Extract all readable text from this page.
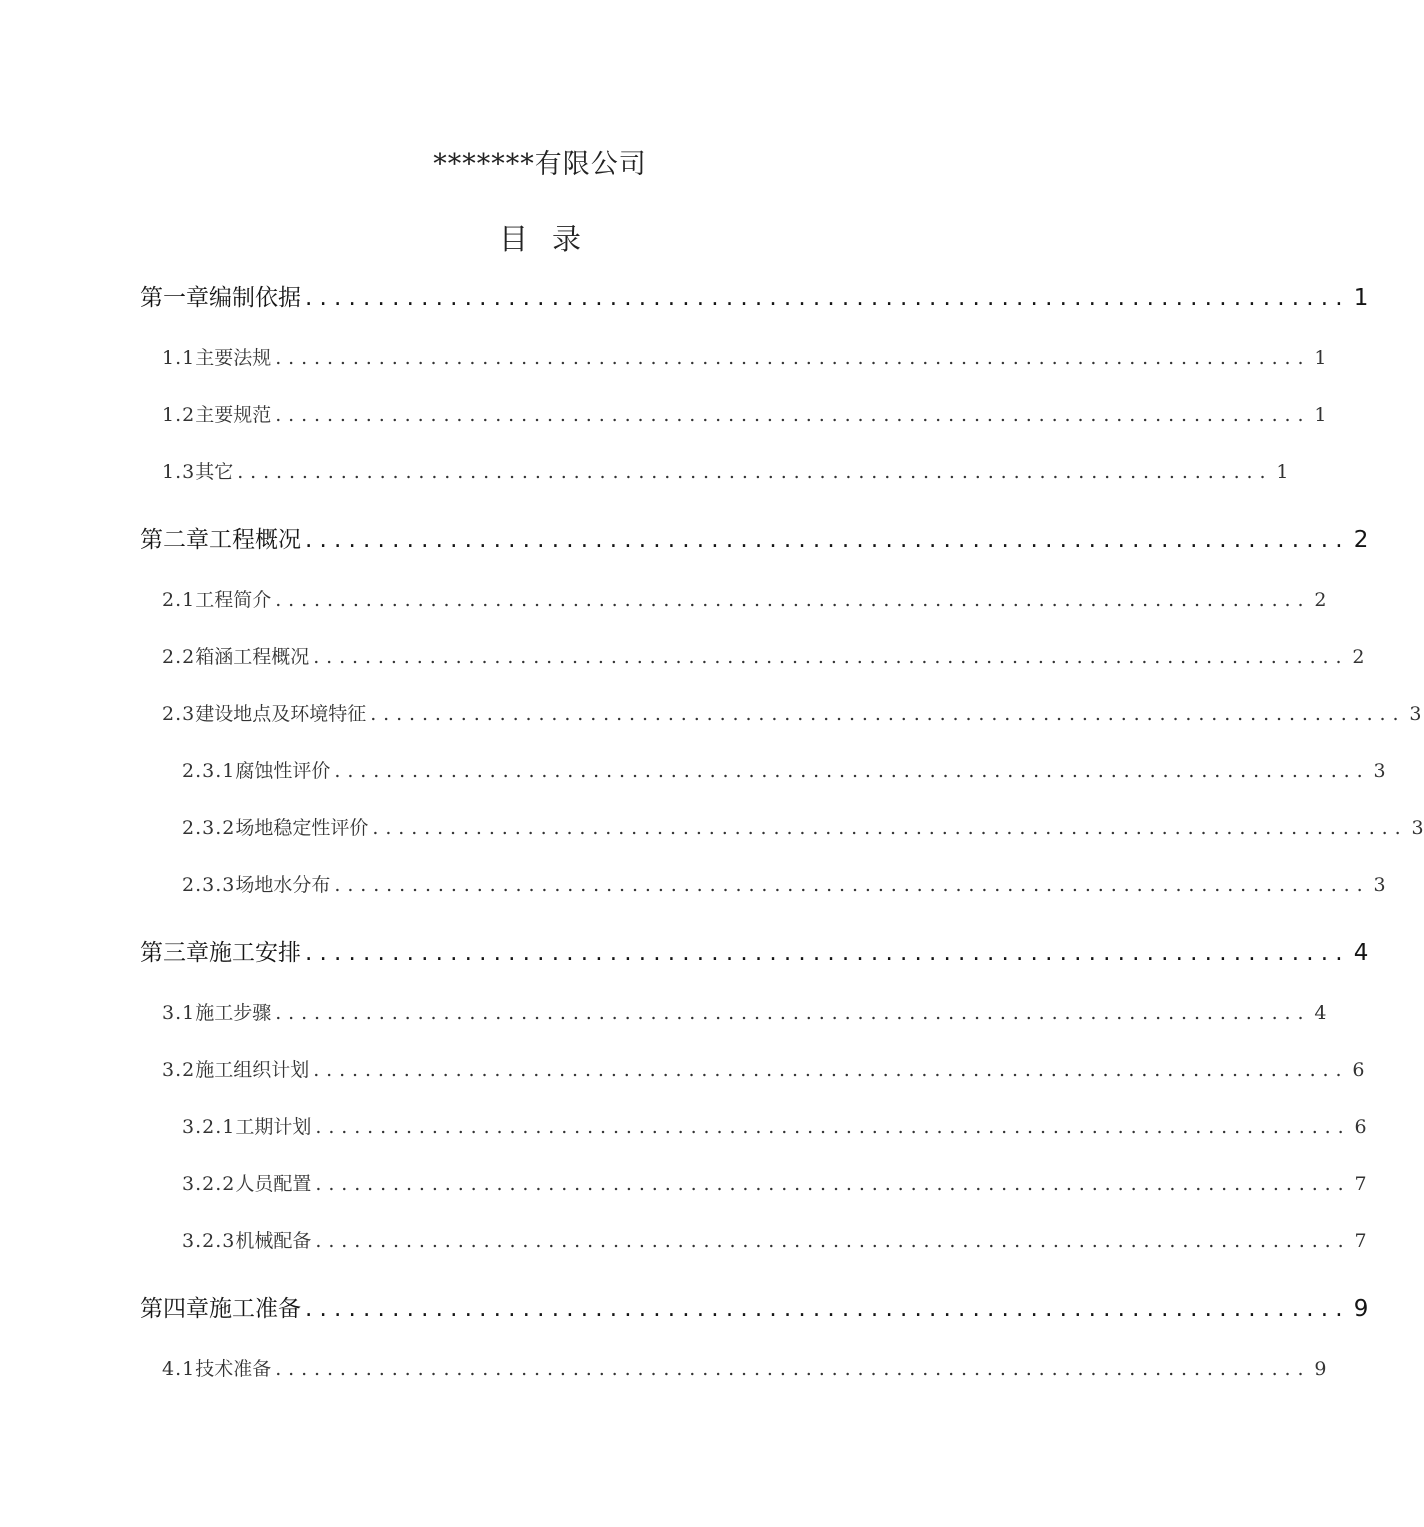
*******有限公司
目录
第一章 编制依据 ........................................................................ 1
1.1 主要法规 ................................................................................ 1
1.2 主要规范 ................................................................................ 1
1.3 其它 ................................................................................ 1
第二章 工程概况 ........................................................................ 2
2.1 工程简介 ................................................................................ 2
2.2 箱涵工程概况 ................................................................................ 2
2.3 建设地点及环境特征 ................................................................................ 3
2.3.1 腐蚀性评价 ................................................................................ 3
2.3.2 场地稳定性评价 ................................................................................ 3
2.3.3 场地水分布 ................................................................................ 3
第三章 施工安排 ........................................................................ 4
3.1 施工步骤 ................................................................................ 4
3.2 施工组织计划 ................................................................................ 6
3.2.1 工期计划 ................................................................................ 6
3.2.2 人员配置 ................................................................................ 7
3.2.3 机械配备 ................................................................................ 7
第四章 施工准备 ........................................................................ 9
4.1 技术准备 ................................................................................ 9
